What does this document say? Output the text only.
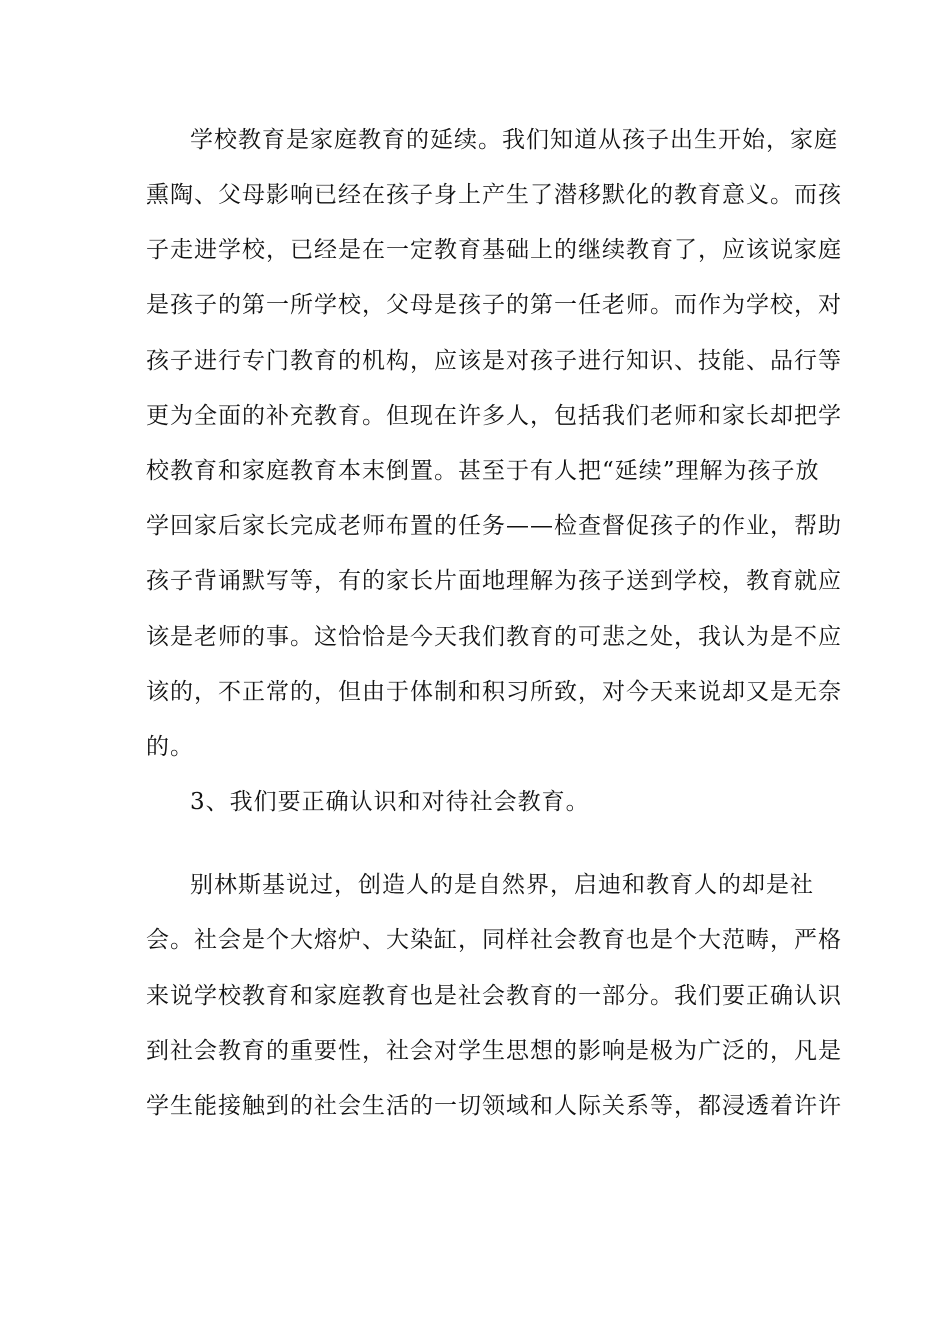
学校教育是家庭教育的延续。我们知道从孩子出生开始，家庭
熏陶、父母影响已经在孩子身上产生了潜移默化的教育意义。而孩
子走进学校，已经是在一定教育基础上的继续教育了，应该说家庭
是孩子的第一所学校，父母是孩子的第一任老师。而作为学校，对
孩子进行专门教育的机构，应该是对孩子进行知识、技能、品行等
更为全面的补充教育。但现在许多人，包括我们老师和家长却把学
校教育和家庭教育本末倒置。甚至于有人把“延续”理解为孩子放
学回家后家长完成老师布置的任务——检查督促孩子的作业，帮助
孩子背诵默写等，有的家长片面地理解为孩子送到学校，教育就应
该是老师的事。这恰恰是今天我们教育的可悲之处，我认为是不应
该的，不正常的，但由于体制和积习所致，对今天来说却又是无奈
的。
3、我们要正确认识和对待社会教育。
别林斯基说过，创造人的是自然界，启迪和教育人的却是社
会。社会是个大熔炉、大染缸，同样社会教育也是个大范畴，严格
来说学校教育和家庭教育也是社会教育的一部分。我们要正确认识
到社会教育的重要性，社会对学生思想的影响是极为广泛的，凡是
学生能接触到的社会生活的一切领域和人际关系等，都浸透着许许
